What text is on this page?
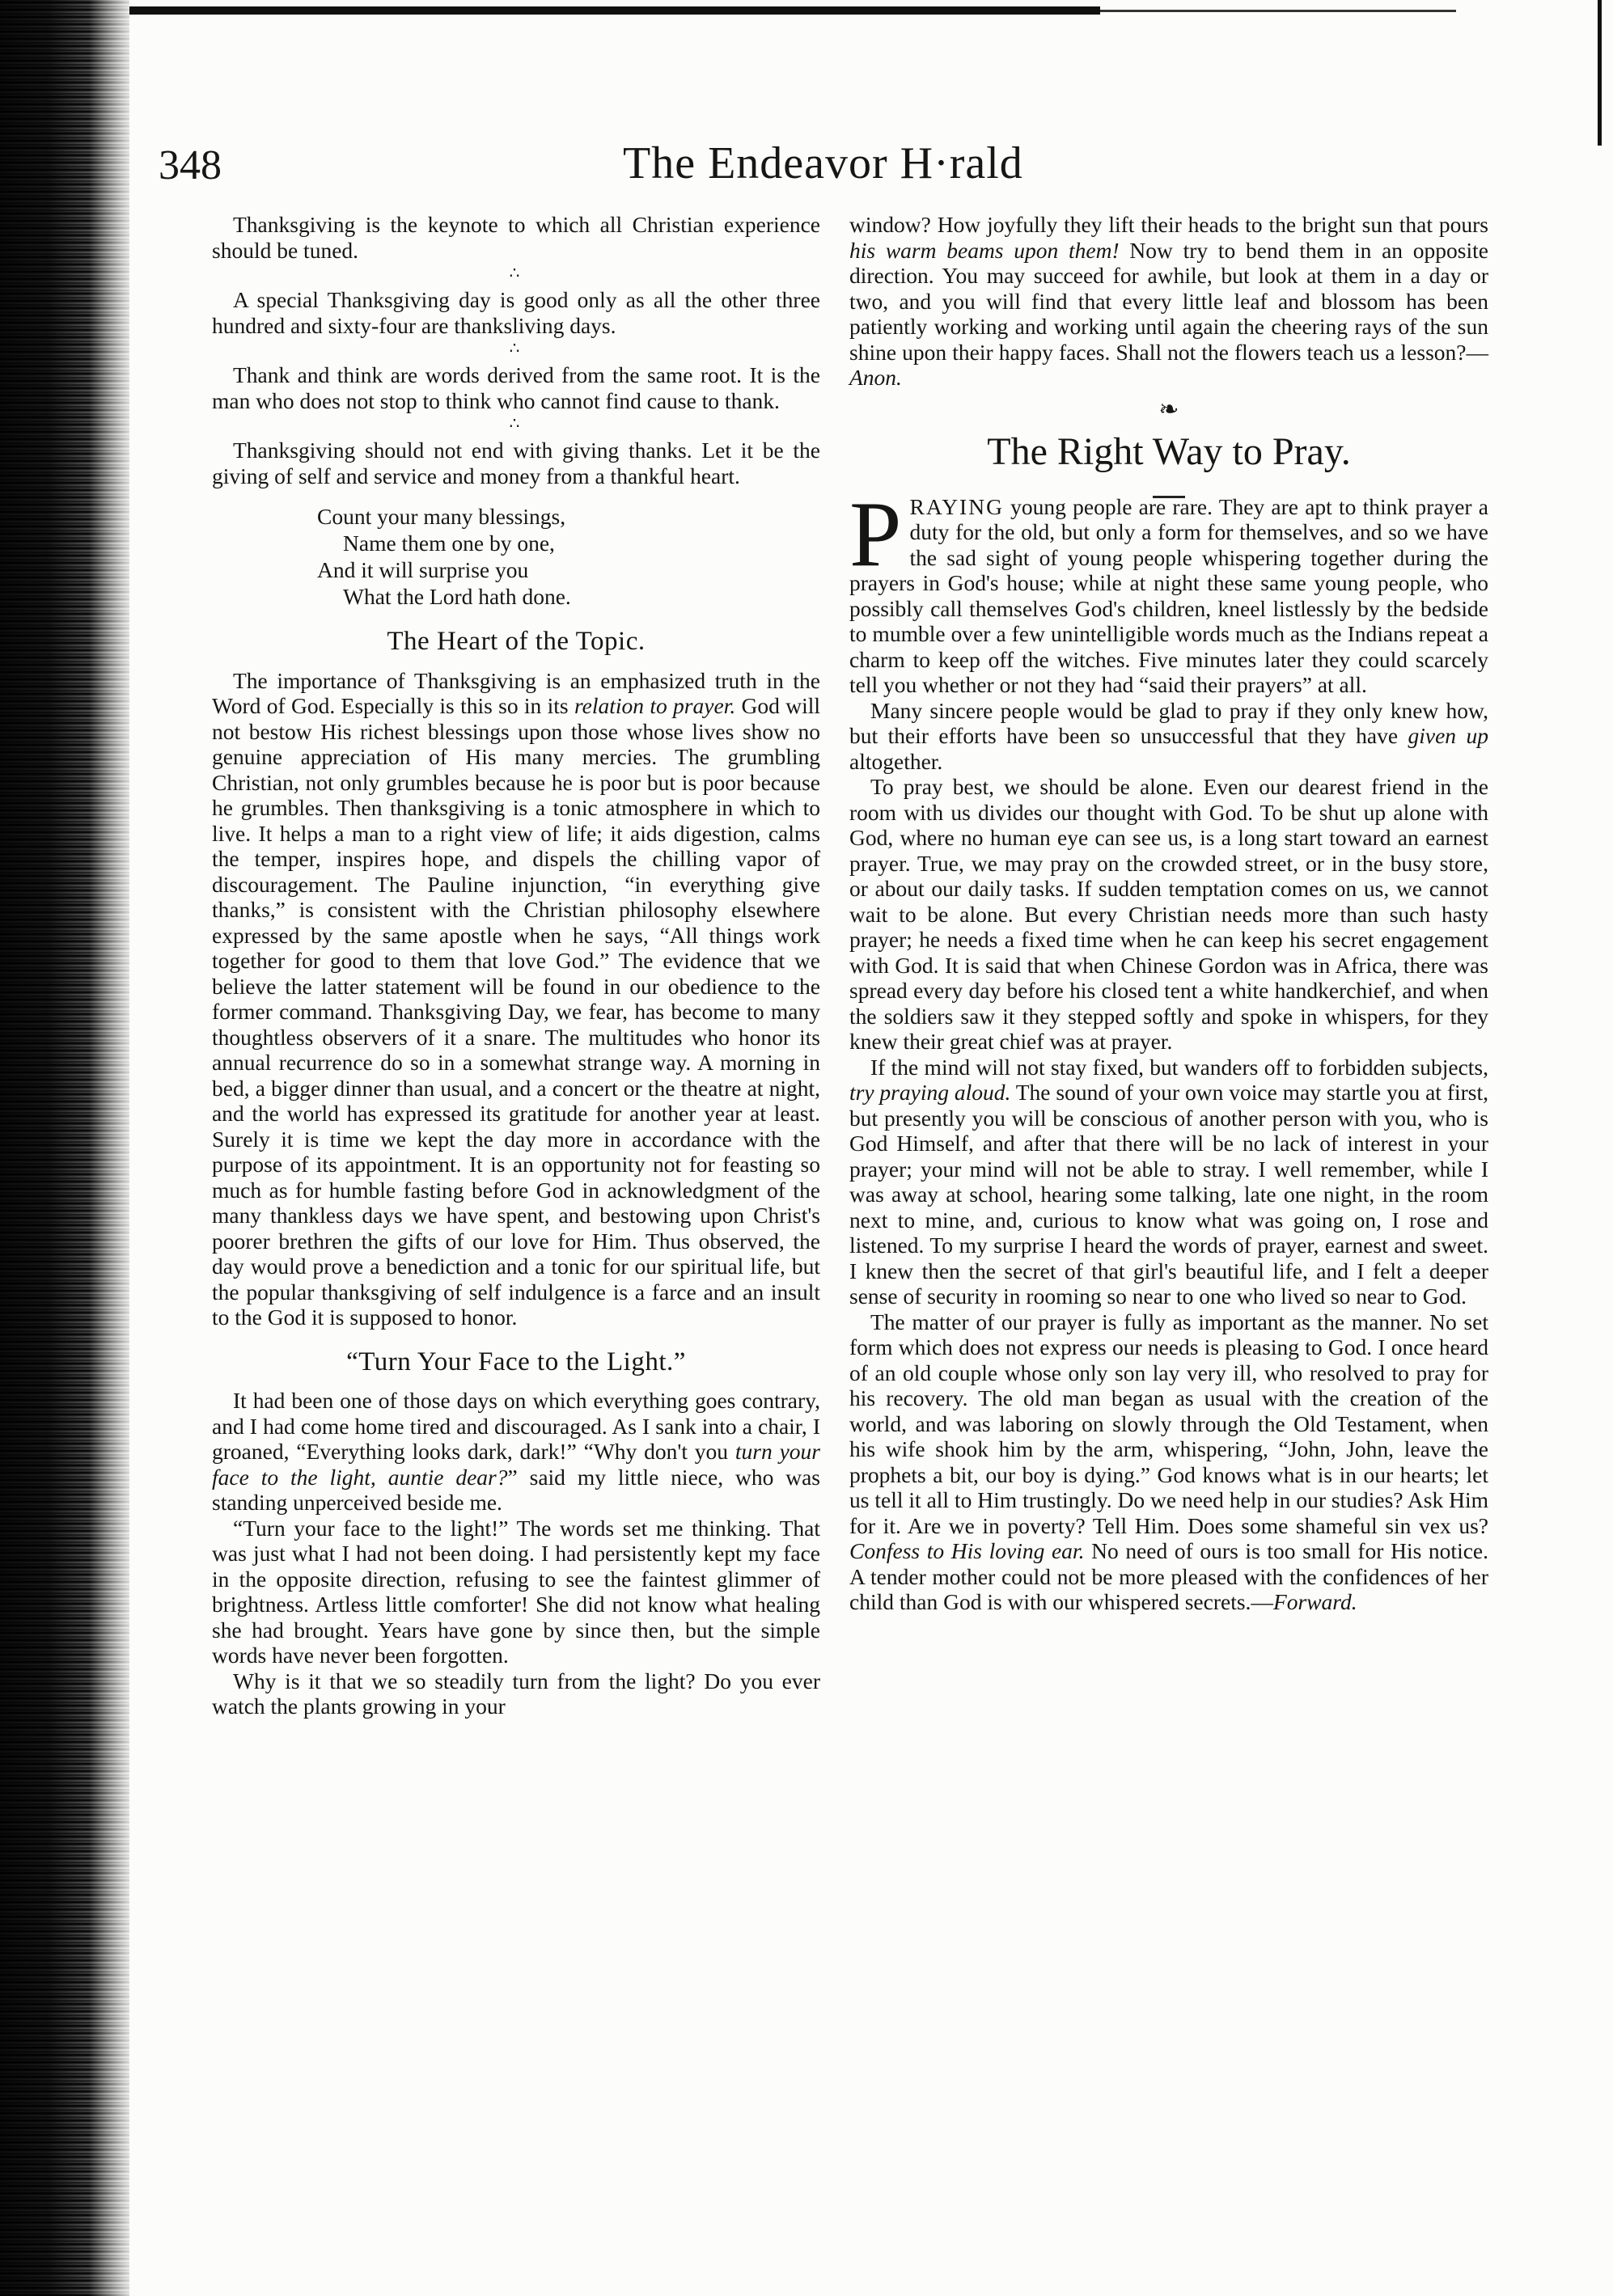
348	The Endeavor H·rald

Thanksgiving is the keynote to which all Christian experience should be tuned.

∴

A special Thanksgiving day is good only as all the other three hundred and sixty-four are thanksliving days.

∴

Thank and think are words derived from the same root. It is the man who does not stop to think who cannot find cause to thank.

∴

Thanksgiving should not end with giving thanks. Let it be the giving of self and service and money from a thankful heart.

Count your many blessings,
Name them one by one,
And it will surprise you
What the Lord hath done.
The Heart of the Topic.

The importance of Thanksgiving is an emphasized truth in the Word of God. Especially is this so in its relation to prayer. God will not bestow His richest blessings upon those whose lives show no genuine appreciation of His many mercies. The grumbling Christian, not only grumbles because he is poor but is poor because he grumbles. Then thanksgiving is a tonic atmosphere in which to live. It helps a man to a right view of life; it aids digestion, calms the temper, inspires hope, and dispels the chilling vapor of discouragement. The Pauline injunction, “in everything give thanks,” is consistent with the Christian philosophy elsewhere expressed by the same apostle when he says, “All things work together for good to them that love God.” The evidence that we believe the latter statement will be found in our obedience to the former command. Thanksgiving Day, we fear, has become to many thoughtless observers of it a snare. The multitudes who honor its annual recurrence do so in a somewhat strange way. A morning in bed, a bigger dinner than usual, and a concert or the theatre at night, and the world has expressed its gratitude for another year at least. Surely it is time we kept the day more in accordance with the purpose of its appointment. It is an opportunity not for feasting so much as for humble fasting before God in acknowledgment of the many thankless days we have spent, and bestowing upon Christ's poorer brethren the gifts of our love for Him. Thus observed, the day would prove a benediction and a tonic for our spiritual life, but the popular thanksgiving of self indulgence is a farce and an insult to the God it is supposed to honor.

“Turn Your Face to the Light.”

It had been one of those days on which everything goes contrary, and I had come home tired and discouraged. As I sank into a chair, I groaned, “Everything looks dark, dark!” “Why don't you turn your face to the light, auntie dear?” said my little niece, who was standing unperceived beside me.

“Turn your face to the light!” The words set me thinking. That was just what I had not been doing. I had persistently kept my face in the opposite direction, refusing to see the faintest glimmer of brightness. Artless little comforter! She did not know what healing she had brought. Years have gone by since then, but the simple words have never been forgotten.

Why is it that we so steadily turn from the light? Do you ever watch the plants growing in your

window? How joyfully they lift their heads to the bright sun that pours his warm beams upon them! Now try to bend them in an opposite direction. You may succeed for awhile, but look at them in a day or two, and you will find that every little leaf and blossom has been patiently working and working until again the cheering rays of the sun shine upon their happy faces. Shall not the flowers teach us a lesson?—Anon.

❧
The Right Way to Pray.

PRAYING young people are rare. They are apt to think prayer a duty for the old, but only a form for themselves, and so we have the sad sight of young people whispering together during the prayers in God's house; while at night these same young people, who possibly call themselves God's children, kneel listlessly by the bedside to mumble over a few unintelligible words much as the Indians repeat a charm to keep off the witches. Five minutes later they could scarcely tell you whether or not they had “said their prayers” at all.

Many sincere people would be glad to pray if they only knew how, but their efforts have been so unsuccessful that they have given up altogether.

To pray best, we should be alone. Even our dearest friend in the room with us divides our thought with God. To be shut up alone with God, where no human eye can see us, is a long start toward an earnest prayer. True, we may pray on the crowded street, or in the busy store, or about our daily tasks. If sudden temptation comes on us, we cannot wait to be alone. But every Christian needs more than such hasty prayer; he needs a fixed time when he can keep his secret engagement with God. It is said that when Chinese Gordon was in Africa, there was spread every day before his closed tent a white handkerchief, and when the soldiers saw it they stepped softly and spoke in whispers, for they knew their great chief was at prayer.

If the mind will not stay fixed, but wanders off to forbidden subjects, try praying aloud. The sound of your own voice may startle you at first, but presently you will be conscious of another person with you, who is God Himself, and after that there will be no lack of interest in your prayer; your mind will not be able to stray. I well remember, while I was away at school, hearing some talking, late one night, in the room next to mine, and, curious to know what was going on, I rose and listened. To my surprise I heard the words of prayer, earnest and sweet. I knew then the secret of that girl's beautiful life, and I felt a deeper sense of security in rooming so near to one who lived so near to God.

The matter of our prayer is fully as important as the manner. No set form which does not express our needs is pleasing to God. I once heard of an old couple whose only son lay very ill, who resolved to pray for his recovery. The old man began as usual with the creation of the world, and was laboring on slowly through the Old Testament, when his wife shook him by the arm, whispering, “John, John, leave the prophets a bit, our boy is dying.” God knows what is in our hearts; let us tell it all to Him trustingly. Do we need help in our studies? Ask Him for it. Are we in poverty? Tell Him. Does some shameful sin vex us? Confess to His loving ear. No need of ours is too small for His notice. A tender mother could not be more pleased with the confidences of her child than God is with our whispered secrets.—Forward.
